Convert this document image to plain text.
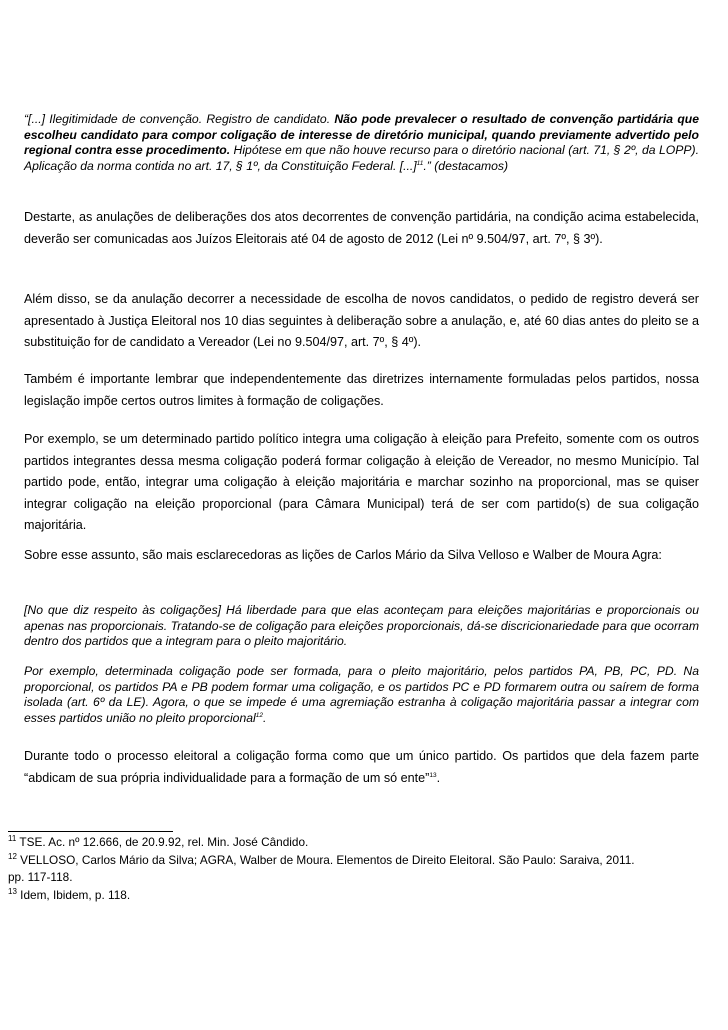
“[...] Ilegitimidade de convenção. Registro de candidato. Não pode prevalecer o resultado de convenção partidária que escolheu candidato para compor coligação de interesse de diretório municipal, quando previamente advertido pelo regional contra esse procedimento. Hipótese em que não houve recurso para o diretório nacional (art. 71, § 2º, da LOPP). Aplicação da norma contida no art. 17, § 1º, da Constituição Federal. [...]$^{11}$.” (destacamos)
Destarte, as anulações de deliberações dos atos decorrentes de convenção partidária, na condição acima estabelecida, deverão ser comunicadas aos Juízos Eleitorais até 04 de agosto de 2012 (Lei nº 9.504/97, art. 7º, § 3º).
Além disso, se da anulação decorrer a necessidade de escolha de novos candidatos, o pedido de registro deverá ser apresentado à Justiça Eleitoral nos 10 dias seguintes à deliberação sobre a anulação, e, até 60 dias antes do pleito se a substituição for de candidato a Vereador (Lei no 9.504/97, art. 7º, § 4º).
Também é importante lembrar que independentemente das diretrizes internamente formuladas pelos partidos, nossa legislação impõe certos outros limites à formação de coligações.
Por exemplo, se um determinado partido político integra uma coligação à eleição para Prefeito, somente com os outros partidos integrantes dessa mesma coligação poderá formar coligação à eleição de Vereador, no mesmo Município. Tal partido pode, então, integrar uma coligação à eleição majoritária e marchar sozinho na proporcional, mas se quiser integrar coligação na eleição proporcional (para Câmara Municipal) terá de ser com partido(s) de sua coligação majoritária.
Sobre esse assunto, são mais esclarecedoras as lições de Carlos Mário da Silva Velloso e Walber de Moura Agra:
[No que diz respeito às coligações] Há liberdade para que elas aconteçam para eleições majoritárias e proporcionais ou apenas nas proporcionais. Tratando-se de coligação para eleições proporcionais, dá-se discricionariedade para que ocorram dentro dos partidos que a integram para o pleito majoritário.
Por exemplo, determinada coligação pode ser formada, para o pleito majoritário, pelos partidos PA, PB, PC, PD. Na proporcional, os partidos PA e PB podem formar uma coligação, e os partidos PC e PD formarem outra ou saírem de forma isolada (art. 6º da LE). Agora, o que se impede é uma agremiação estranha à coligação majoritária passar a integrar com esses partidos união no pleito proporcional$^{12}$.
Durante todo o processo eleitoral a coligação forma como que um único partido. Os partidos que dela fazem parte “abdicam de sua própria individualidade para a formação de um só ente”$^{13}$.
$^{11}$ TSE. Ac. nº 12.666, de 20.9.92, rel. Min. José Cândido.
$^{12}$ VELLOSO, Carlos Mário da Silva; AGRA, Walber de Moura. Elementos de Direito Eleitoral. São Paulo: Saraiva, 2011.
pp. 117-118.
$^{13}$ Idem, Ibidem, p. 118.
